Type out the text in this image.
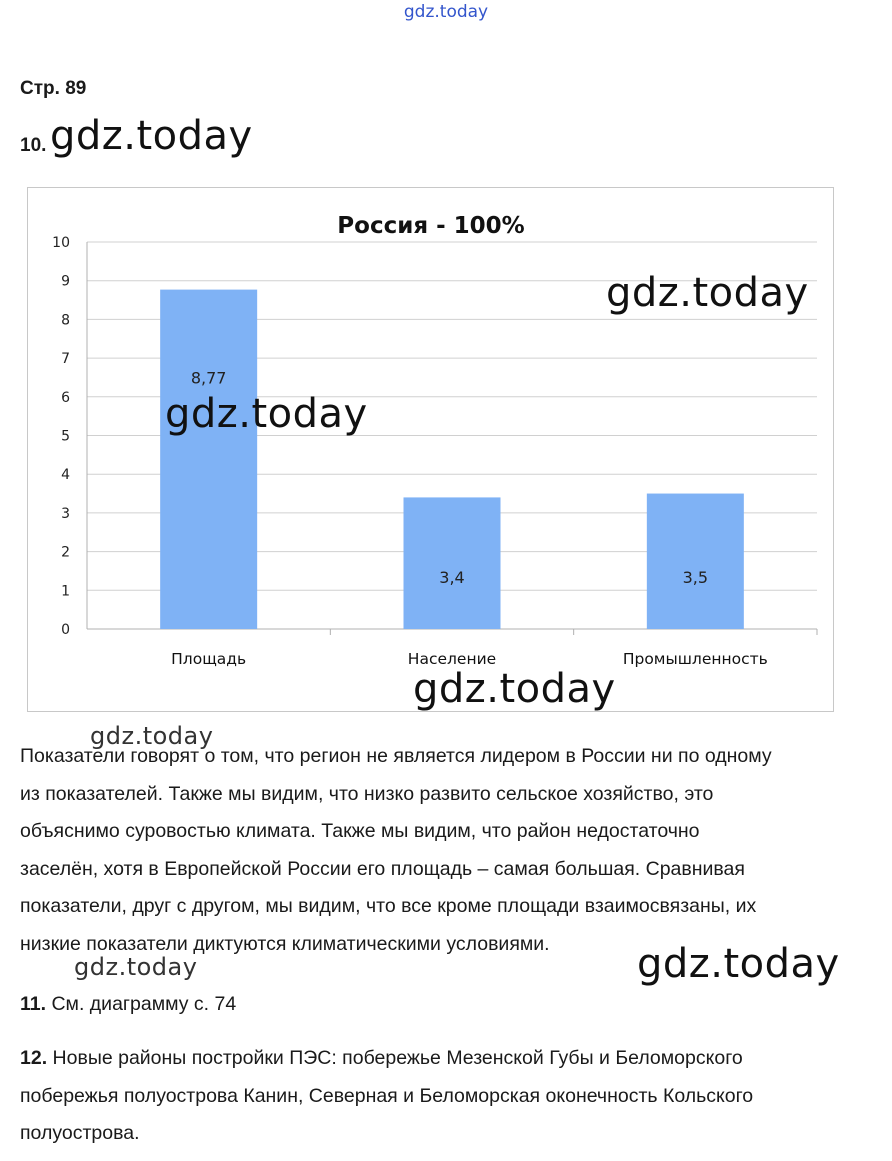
gdz.today
Стр. 89
10. gdz.today
Россия - 100%
0
1
2
3
4
5
6
7
8
9
10
8,77
Площадь
3,4
Население
3,5
Промышленность
gdz.today
gdz.today
gdz.today
gdz.today

Показатели говорят о том, что регион не является лидером в России ни по одному
из показателей. Также мы видим, что низко развито сельское хозяйство, это
объяснимо суровостью климата. Также мы видим, что район недостаточно
заселён, хотя в Европейской России его площадь – самая большая. Сравнивая
показатели, друг с другом, мы видим, что все кроме площади взаимосвязаны, их
низкие показатели диктуются климатическими условиями.

gdz.today	gdz.today

11. См. диаграмму с. 74

12. Новые районы постройки ПЭС: побережье Мезенской Губы и Беломорского
побережья полуострова Канин, Северная и Беломорская оконечность Кольского
полуострова.
